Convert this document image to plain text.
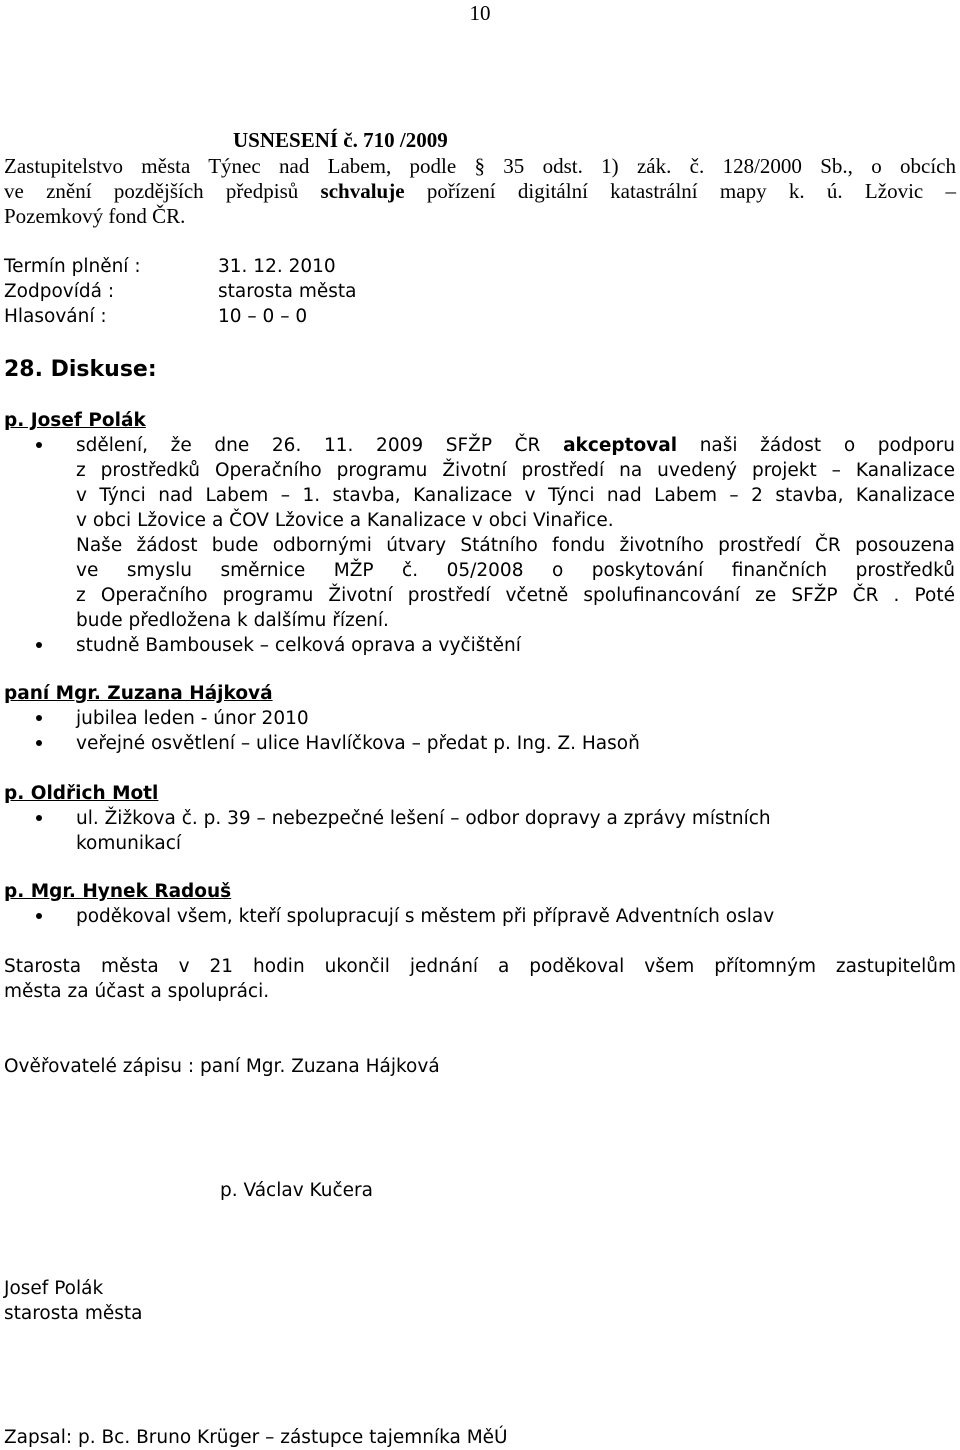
10
USNESENÍ č. 710 /2009
Zastupitelstvo města Týnec nad Labem, podle § 35 odst. 1) zák. č. 128/2000 Sb., o obcích
ve znění pozdějších předpisů schvaluje pořízení digitální katastrální mapy k. ú. Lžovic –
Pozemkový fond ČR.
Termín plnění :	31. 12. 2010
Zodpovídá :	starosta města
Hlasování :	10 – 0 – 0
28. Diskuse:
p. Josef Polák
sdělení, že dne 26. 11. 2009 SFŽP ČR akceptoval naši žádost o podporu
z prostředků Operačního programu Životní prostředí na uvedený projekt – Kanalizace
v Týnci nad Labem – 1. stavba, Kanalizace v Týnci nad Labem – 2 stavba, Kanalizace
v obci Lžovice a ČOV Lžovice a Kanalizace v obci Vinařice.
Naše žádost bude odbornými útvary Státního fondu životního prostředí ČR posouzena
ve smyslu směrnice MŽP č. 05/2008 o poskytování finančních prostředků
z Operačního programu Životní prostředí včetně spolufinancování ze SFŽP ČR . Poté
bude předložena k dalšímu řízení.
studně Bambousek – celková oprava a vyčištění
paní Mgr. Zuzana Hájková
jubilea leden - únor 2010
veřejné osvětlení – ulice Havlíčkova – předat p. Ing. Z. Hasoň
p. Oldřich Motl
ul. Žižkova č. p. 39 – nebezpečné lešení – odbor dopravy a zprávy místních
komunikací
p. Mgr. Hynek Radouš
poděkoval všem, kteří spolupracují s městem při přípravě Adventních oslav
Starosta města v 21 hodin ukončil jednání a poděkoval všem přítomným zastupitelům
města za účast a spolupráci.
Ověřovatelé zápisu : paní Mgr. Zuzana Hájková
p. Václav Kučera
Josef Polák
starosta města
Zapsal: p. Bc. Bruno Krüger – zástupce tajemníka MěÚ
